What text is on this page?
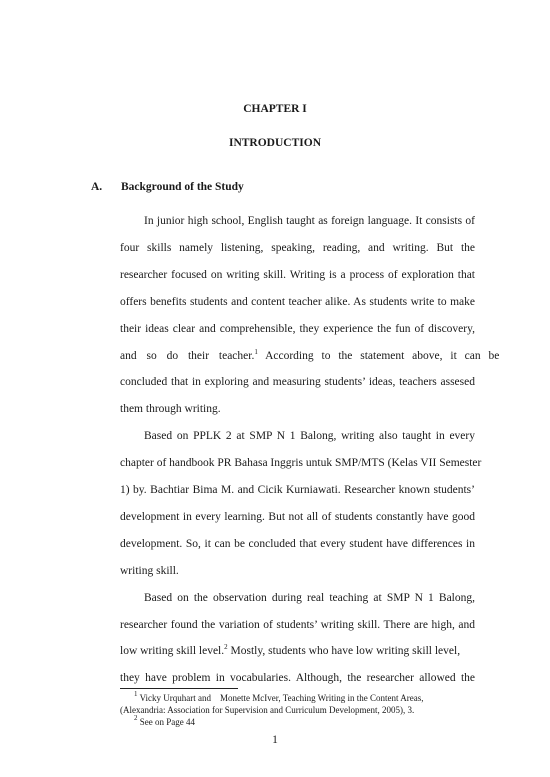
CHAPTER I
INTRODUCTION
A. Background of the Study
In junior high school, English taught as foreign language. It consists of
four skills namely listening, speaking, reading, and writing. But the
researcher focused on writing skill. Writing is a process of exploration that
offers benefits students and content teacher alike. As students write to make
their ideas clear and comprehensible, they experience the fun of discovery,
and so do their teacher. $^1$ According to the statement above, it can be
concluded that in exploring and measuring students’ ideas, teachers assesed
them through writing.
Based on PPLK 2 at SMP N 1 Balong, writing also taught in every
chapter of handbook PR Bahasa Inggris untuk SMP/MTS (Kelas VII Semester
1) by. Bachtiar Bima M. and Cicik Kurniawati. Researcher known students’
development in every learning. But not all of students constantly have good
development. So, it can be concluded that every student have differences in
writing skill.
Based on the observation during real teaching at SMP N 1 Balong,
researcher found the variation of students’ writing skill. There are high, and
low writing skill level.$^2$ Mostly, students who have low writing skill level,
they have problem in vocabularies. Although, the researcher allowed the
$^1$ Vicky Urquhart and    Monette McIver, Teaching Writing in the Content Areas,
(Alexandria: Association for Supervision and Curriculum Development, 2005), 3.
$^2$ See on Page 44
1
